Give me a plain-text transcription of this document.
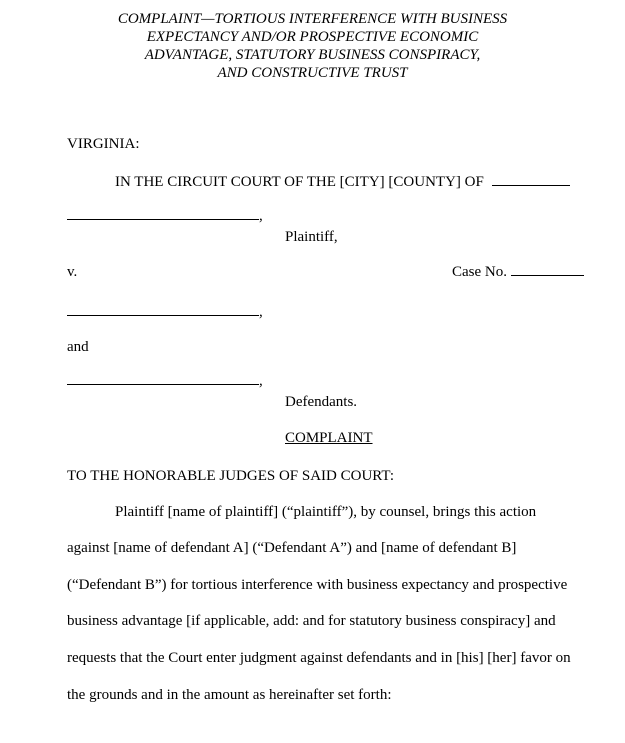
COMPLAINT—TORTIOUS INTERFERENCE WITH BUSINESS
EXPECTANCY AND/OR PROSPECTIVE ECONOMIC
ADVANTAGE, STATUTORY BUSINESS CONSPIRACY,
AND CONSTRUCTIVE TRUST
VIRGINIA:
IN THE CIRCUIT COURT OF THE [CITY] [COUNTY] OF
,
Plaintiff,
v.	Case No.
,
and
,
Defendants.
COMPLAINT
TO THE HONORABLE JUDGES OF SAID COURT:
Plaintiff [name of plaintiff] (“plaintiff”), by counsel, brings this action
against [name of defendant A] (“Defendant A”) and [name of defendant B]
(“Defendant B”) for tortious interference with business expectancy and prospective
business advantage [if applicable, add: and for statutory business conspiracy] and
requests that the Court enter judgment against defendants and in [his] [her] favor on
the grounds and in the amount as hereinafter set forth:
